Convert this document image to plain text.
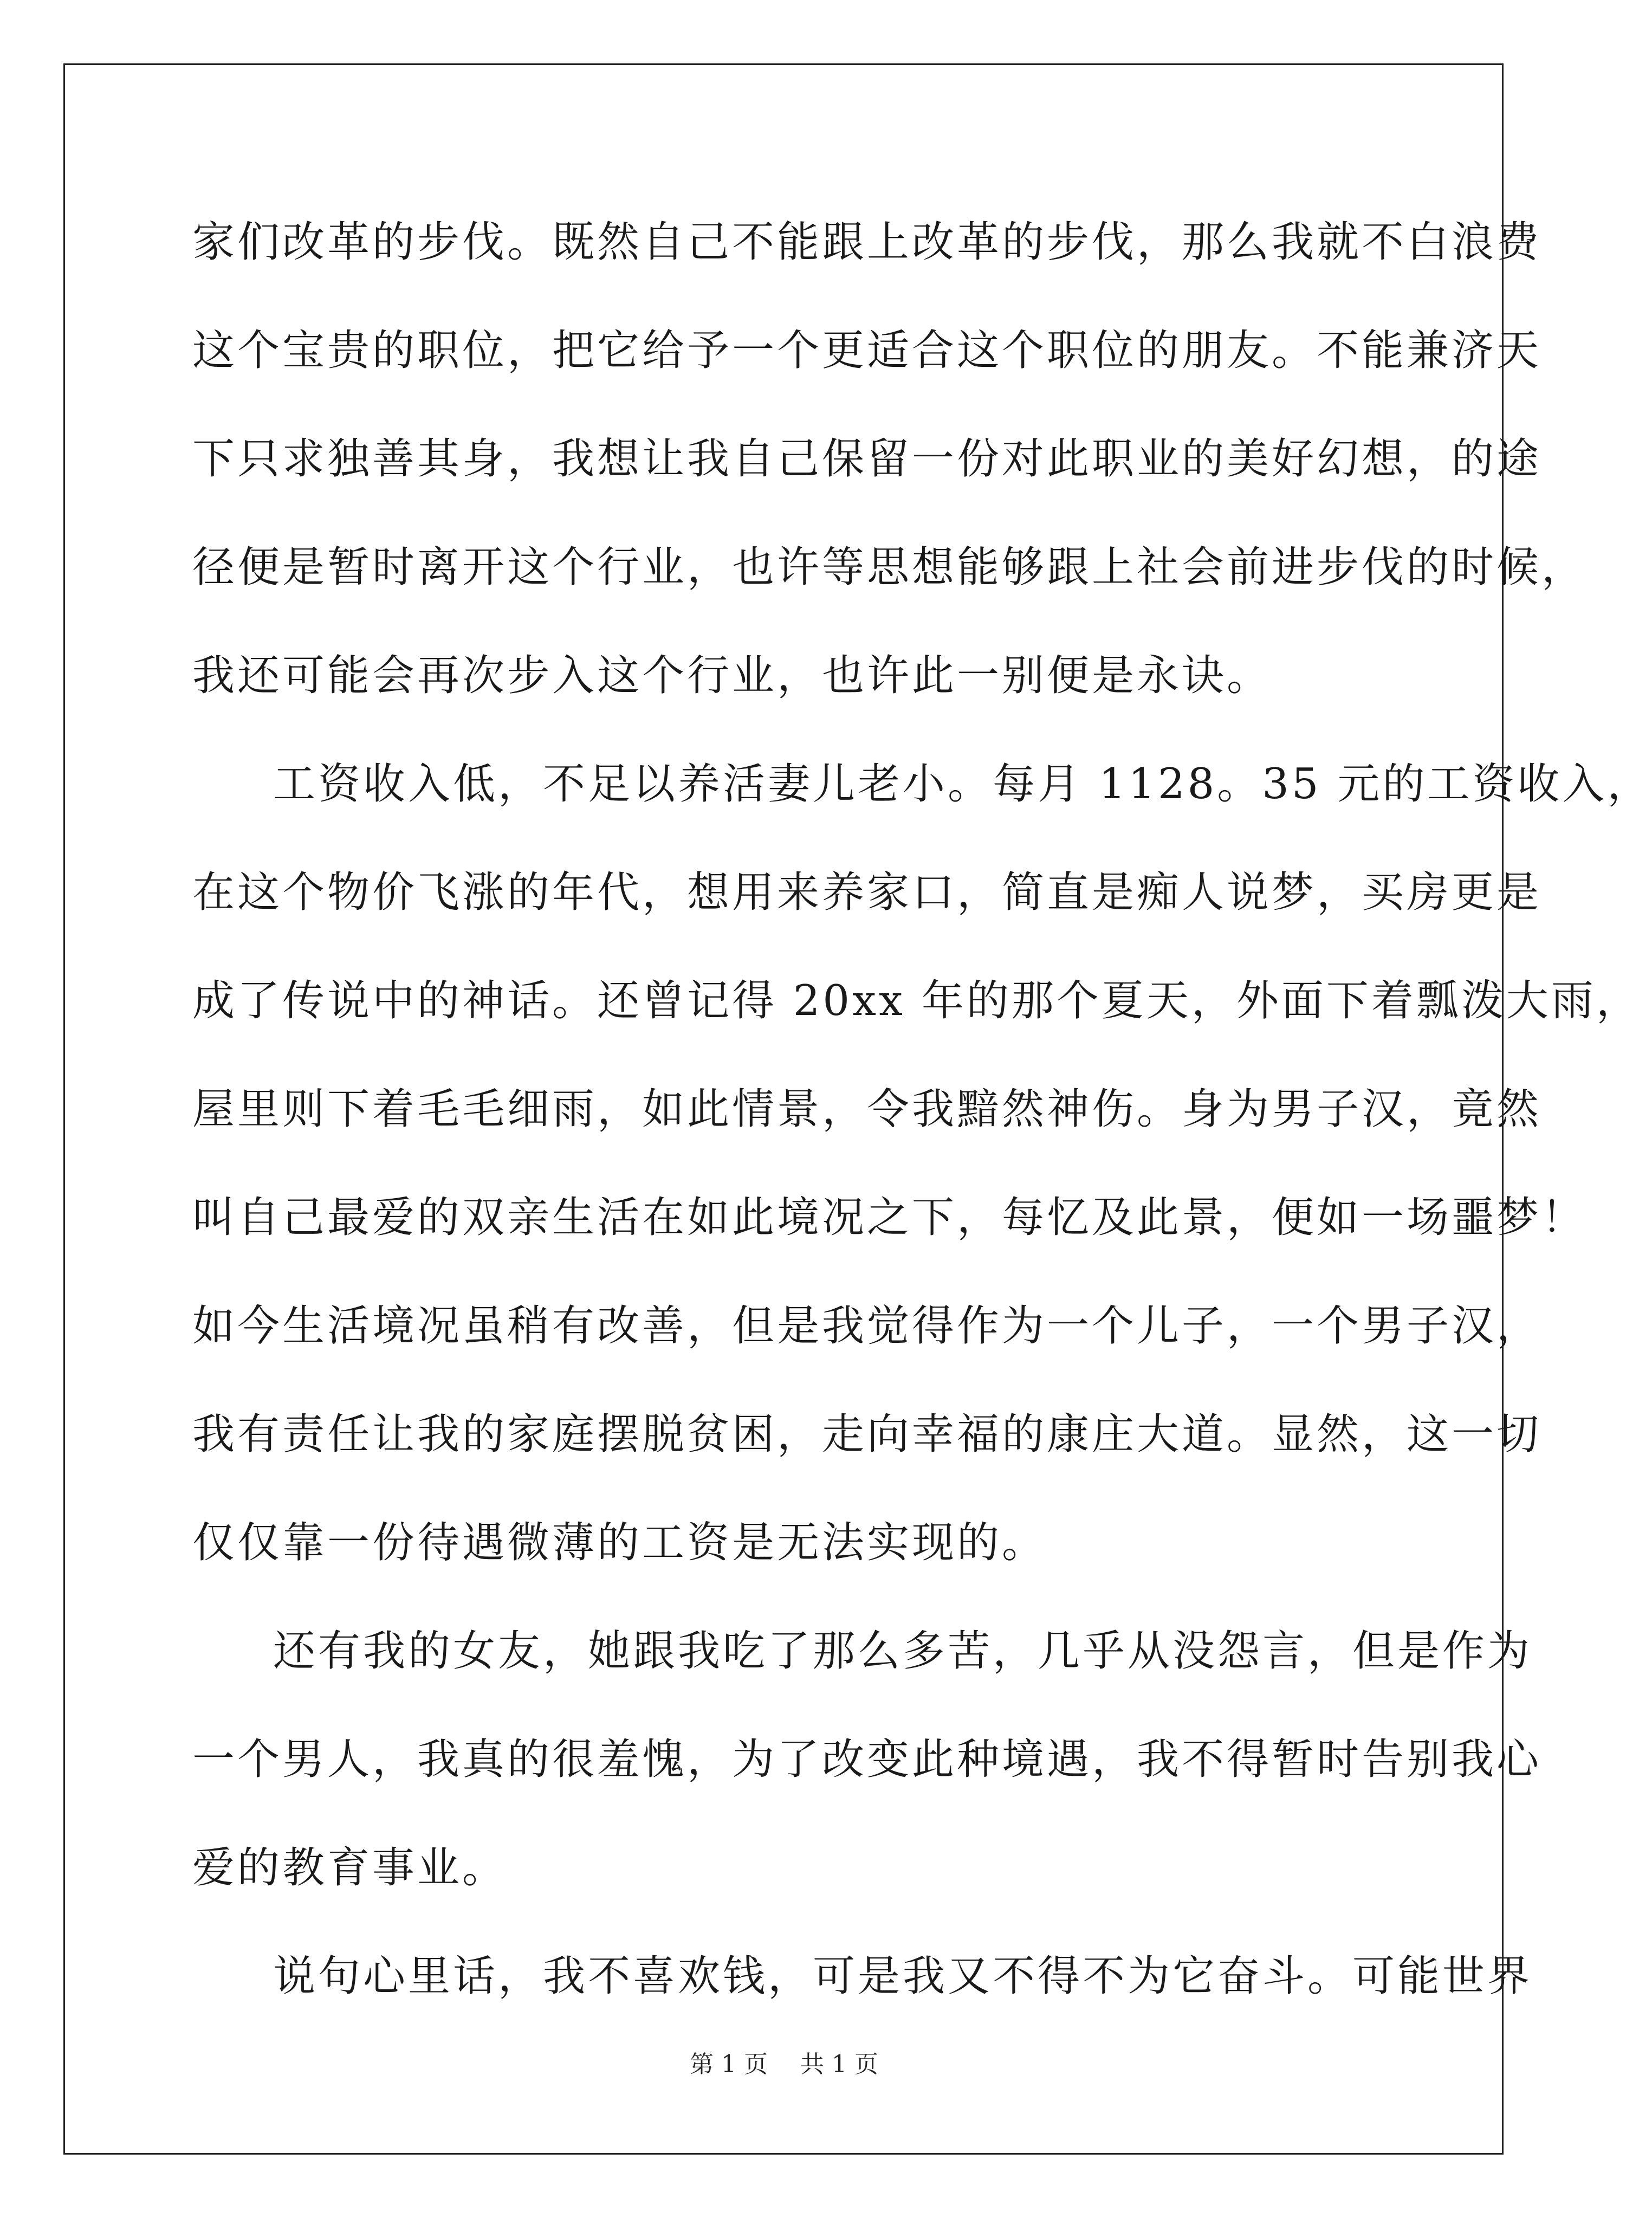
家们改革的步伐。既然自己不能跟上改革的步伐，那么我就不白浪费
这个宝贵的职位，把它给予一个更适合这个职位的朋友。不能兼济天
下只求独善其身，我想让我自己保留一份对此职业的美好幻想，的途
径便是暂时离开这个行业，也许等思想能够跟上社会前进步伐的时候，
我还可能会再次步入这个行业，也许此一别便是永诀。
工资收入低，不足以养活妻儿老小。每月 1128。35 元的工资收入，
在这个物价飞涨的年代，想用来养家口，简直是痴人说梦，买房更是
成了传说中的神话。还曾记得 20xx 年的那个夏天，外面下着瓢泼大雨，
屋里则下着毛毛细雨，如此情景，令我黯然神伤。身为男子汉，竟然
叫自己最爱的双亲生活在如此境况之下，每忆及此景，便如一场噩梦！
如今生活境况虽稍有改善，但是我觉得作为一个儿子，一个男子汉，
我有责任让我的家庭摆脱贫困，走向幸福的康庄大道。显然，这一切
仅仅靠一份待遇微薄的工资是无法实现的。
还有我的女友，她跟我吃了那么多苦，几乎从没怨言，但是作为
一个男人，我真的很羞愧，为了改变此种境遇，我不得暂时告别我心
爱的教育事业。
说句心里话，我不喜欢钱，可是我又不得不为它奋斗。可能世界
第 1 页 共 1 页
